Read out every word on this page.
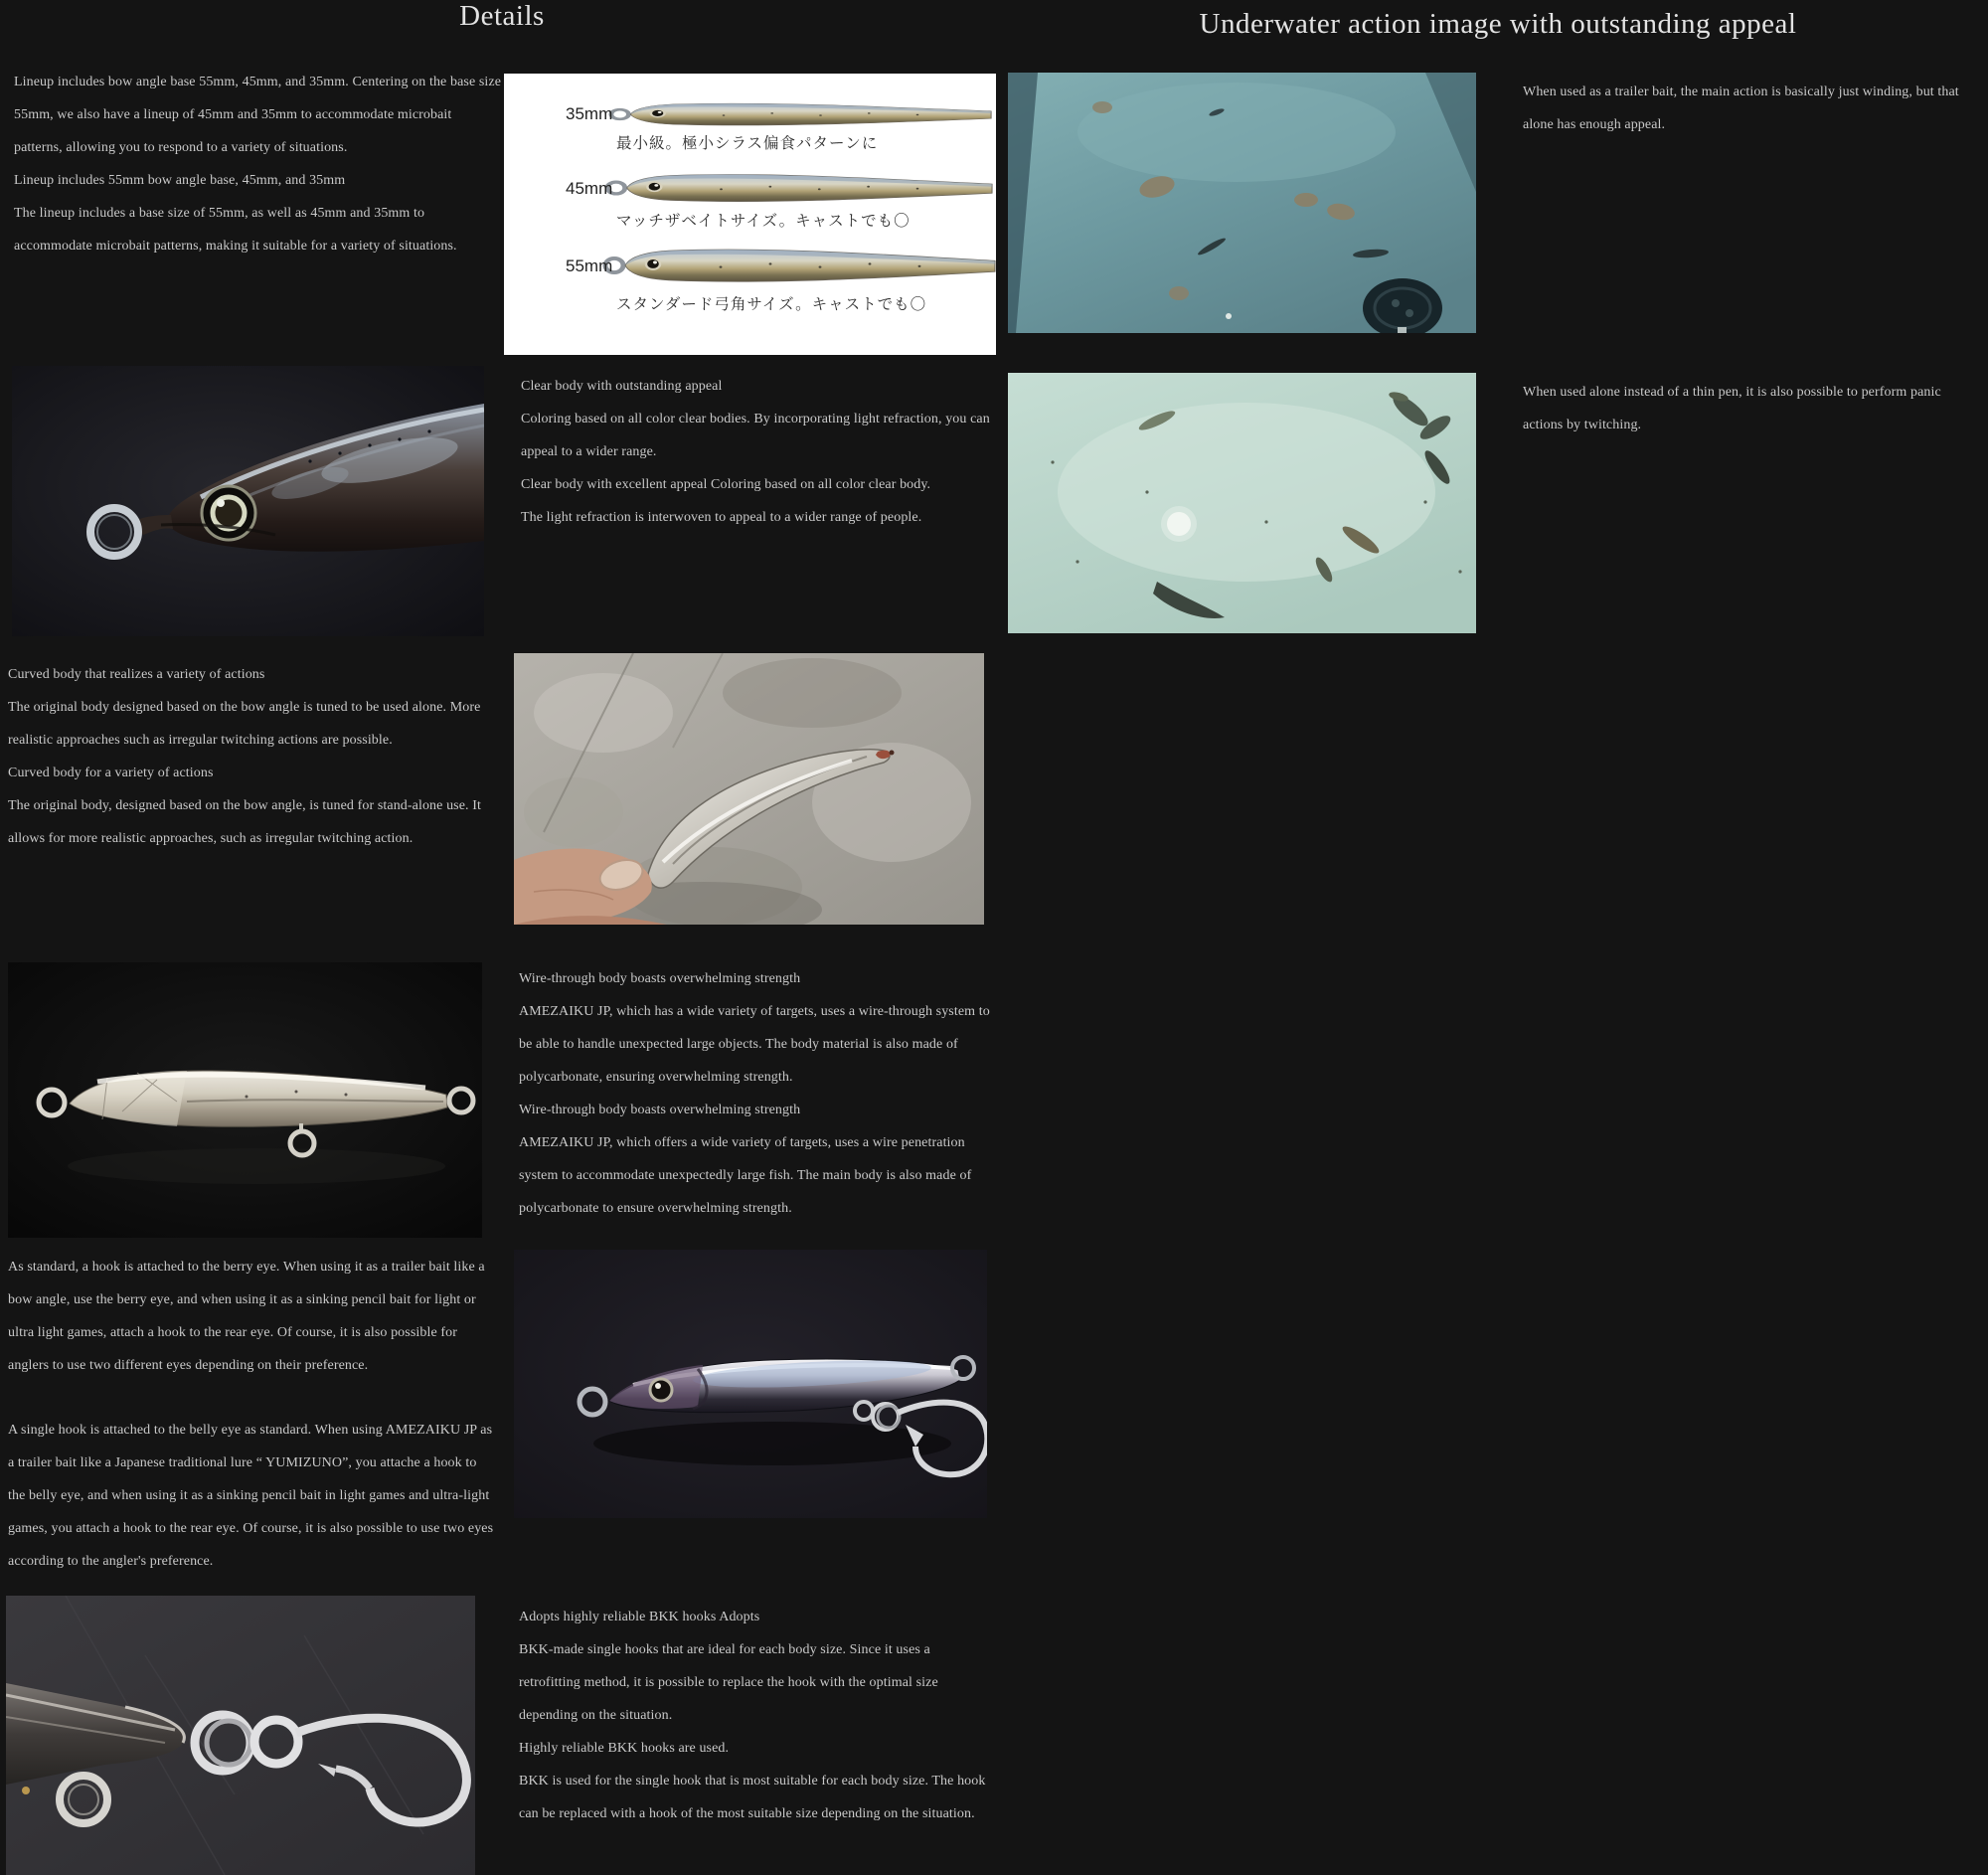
Details	Underwater action image with outstanding appeal

Lineup includes bow angle base 55mm, 45mm, and 35mm. Centering on the base size 55mm, we also have a lineup of 45mm and 35mm to accommodate microbait patterns, allowing you to respond to a variety of situations.

Lineup includes 55mm bow angle base, 45mm, and 35mm

The lineup includes a base size of 55mm, as well as 45mm and 35mm to accommodate microbait patterns, making it suitable for a variety of situations.

35mm
最小級。極小シラス偏食パターンに
45mm
マッチザベイトサイズ。キャストでも〇
55mm
スタンダード弓角サイズ。キャストでも〇

When used as a trailer bait, the main action is basically just winding, but that alone has enough appeal.

When used alone instead of a thin pen, it is also possible to perform panic actions by twitching.

Clear body with outstanding appeal

Coloring based on all color clear bodies. By incorporating light refraction, you can appeal to a wider range.

Clear body with excellent appeal Coloring based on all color clear body.

The light refraction is interwoven to appeal to a wider range of people.

Curved body that realizes a variety of actions

The original body designed based on the bow angle is tuned to be used alone. More realistic approaches such as irregular twitching actions are possible.

Curved body for a variety of actions

The original body, designed based on the bow angle, is tuned for stand-alone use. It allows for more realistic approaches, such as irregular twitching action.

Wire-through body boasts overwhelming strength

AMEZAIKU JP, which has a wide variety of targets, uses a wire-through system to be able to handle unexpected large objects. The body material is also made of polycarbonate, ensuring overwhelming strength.

Wire-through body boasts overwhelming strength

AMEZAIKU JP, which offers a wide variety of targets, uses a wire penetration system to accommodate unexpectedly large fish. The main body is also made of polycarbonate to ensure overwhelming strength.

As standard, a hook is attached to the berry eye. When using it as a trailer bait like a bow angle, use the berry eye, and when using it as a sinking pencil bait for light or ultra light games, attach a hook to the rear eye. Of course, it is also possible for anglers to use two different eyes depending on their preference.

A single hook is attached to the belly eye as standard. When using AMEZAIKU JP as a trailer bait like a Japanese traditional lure “ YUMIZUNO”, you attache a hook to the belly eye, and when using it as a sinking pencil bait in light games and ultra-light games, you attach a hook to the rear eye. Of course, it is also possible to use two eyes according to the angler's preference.

Adopts highly reliable BKK hooks Adopts

BKK-made single hooks that are ideal for each body size. Since it uses a retrofitting method, it is possible to replace the hook with the optimal size depending on the situation.

Highly reliable BKK hooks are used.

BKK is used for the single hook that is most suitable for each body size. The hook can be replaced with a hook of the most suitable size depending on the situation.
